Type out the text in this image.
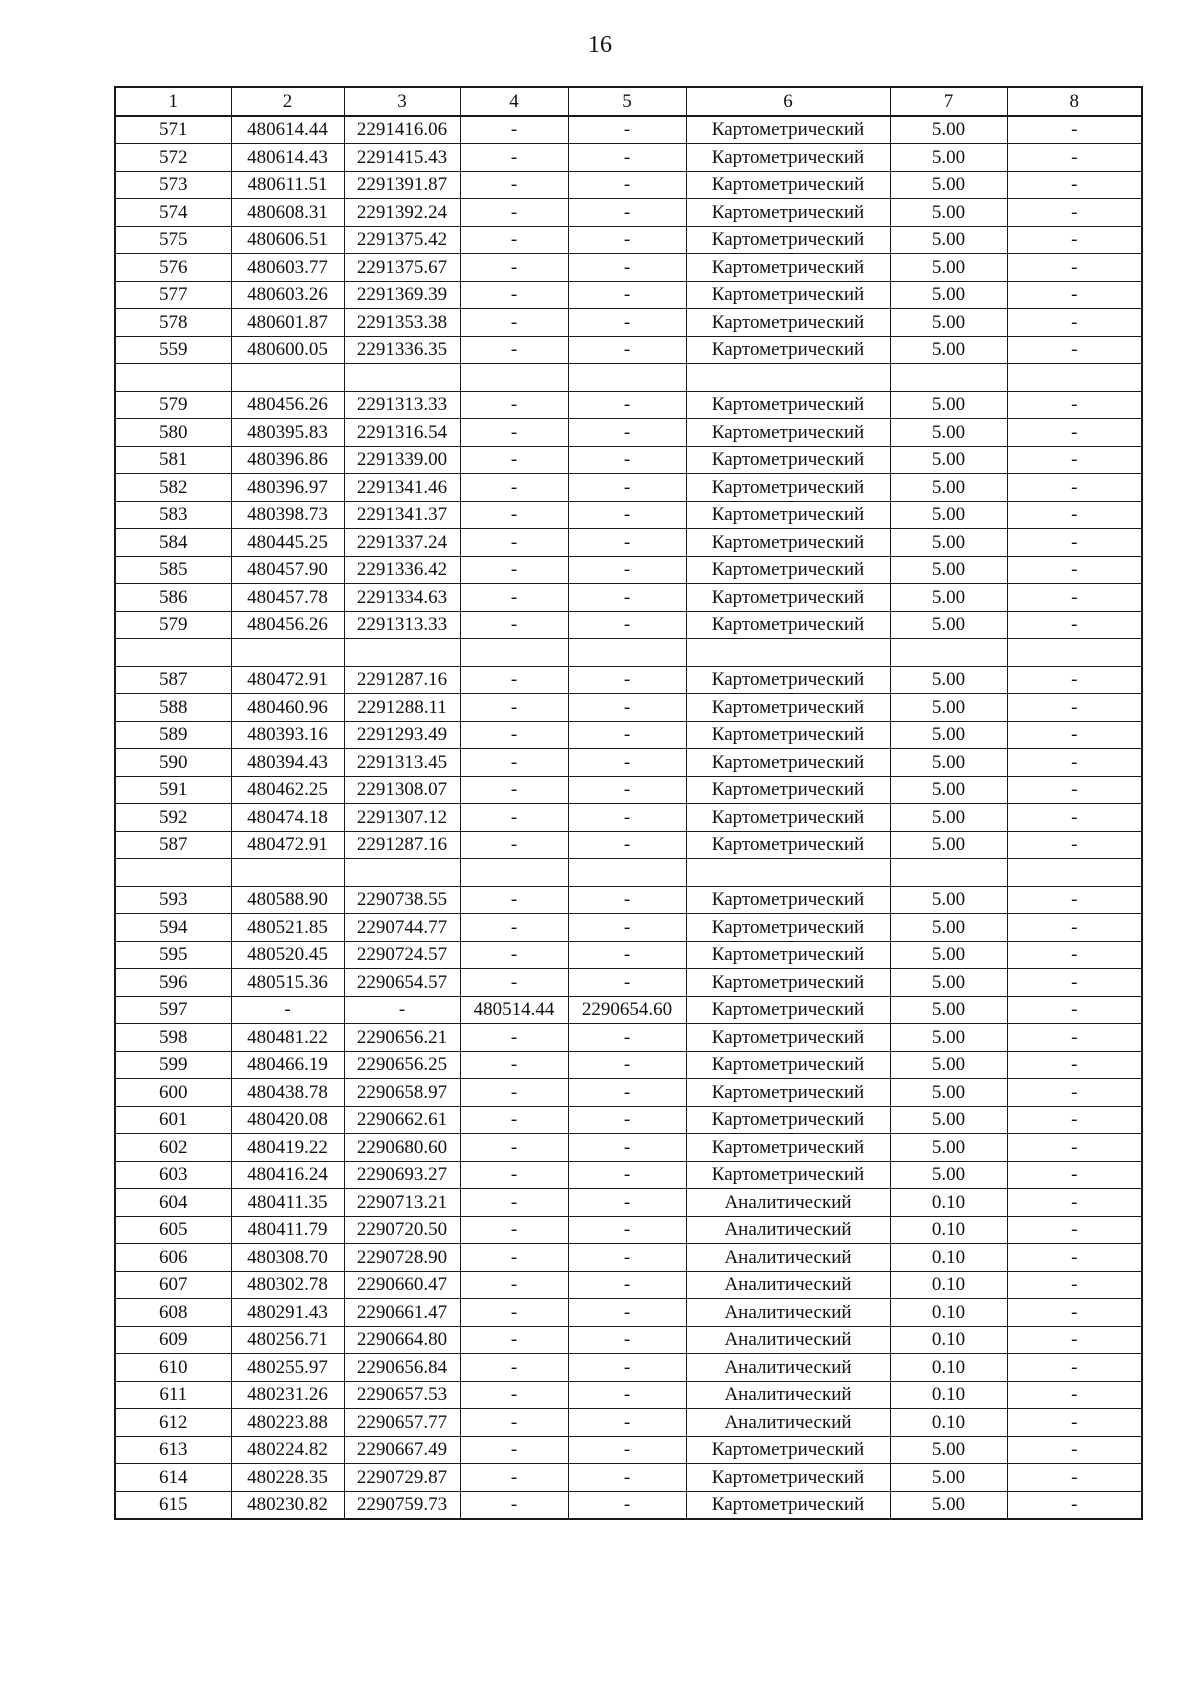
16
1	2	3	4	5	6	7	8
571	480614.44	2291416.06	-	-	Картометрический	5.00	-
572	480614.43	2291415.43	-	-	Картометрический	5.00	-
573	480611.51	2291391.87	-	-	Картометрический	5.00	-
574	480608.31	2291392.24	-	-	Картометрический	5.00	-
575	480606.51	2291375.42	-	-	Картометрический	5.00	-
576	480603.77	2291375.67	-	-	Картометрический	5.00	-
577	480603.26	2291369.39	-	-	Картометрический	5.00	-
578	480601.87	2291353.38	-	-	Картометрический	5.00	-
559	480600.05	2291336.35	-	-	Картометрический	5.00	-

579	480456.26	2291313.33	-	-	Картометрический	5.00	-
580	480395.83	2291316.54	-	-	Картометрический	5.00	-
581	480396.86	2291339.00	-	-	Картометрический	5.00	-
582	480396.97	2291341.46	-	-	Картометрический	5.00	-
583	480398.73	2291341.37	-	-	Картометрический	5.00	-
584	480445.25	2291337.24	-	-	Картометрический	5.00	-
585	480457.90	2291336.42	-	-	Картометрический	5.00	-
586	480457.78	2291334.63	-	-	Картометрический	5.00	-
579	480456.26	2291313.33	-	-	Картометрический	5.00	-

587	480472.91	2291287.16	-	-	Картометрический	5.00	-
588	480460.96	2291288.11	-	-	Картометрический	5.00	-
589	480393.16	2291293.49	-	-	Картометрический	5.00	-
590	480394.43	2291313.45	-	-	Картометрический	5.00	-
591	480462.25	2291308.07	-	-	Картометрический	5.00	-
592	480474.18	2291307.12	-	-	Картометрический	5.00	-
587	480472.91	2291287.16	-	-	Картометрический	5.00	-

593	480588.90	2290738.55	-	-	Картометрический	5.00	-
594	480521.85	2290744.77	-	-	Картометрический	5.00	-
595	480520.45	2290724.57	-	-	Картометрический	5.00	-
596	480515.36	2290654.57	-	-	Картометрический	5.00	-
597	-	-	480514.44	2290654.60	Картометрический	5.00	-
598	480481.22	2290656.21	-	-	Картометрический	5.00	-
599	480466.19	2290656.25	-	-	Картометрический	5.00	-
600	480438.78	2290658.97	-	-	Картометрический	5.00	-
601	480420.08	2290662.61	-	-	Картометрический	5.00	-
602	480419.22	2290680.60	-	-	Картометрический	5.00	-
603	480416.24	2290693.27	-	-	Картометрический	5.00	-
604	480411.35	2290713.21	-	-	Аналитический	0.10	-
605	480411.79	2290720.50	-	-	Аналитический	0.10	-
606	480308.70	2290728.90	-	-	Аналитический	0.10	-
607	480302.78	2290660.47	-	-	Аналитический	0.10	-
608	480291.43	2290661.47	-	-	Аналитический	0.10	-
609	480256.71	2290664.80	-	-	Аналитический	0.10	-
610	480255.97	2290656.84	-	-	Аналитический	0.10	-
611	480231.26	2290657.53	-	-	Аналитический	0.10	-
612	480223.88	2290657.77	-	-	Аналитический	0.10	-
613	480224.82	2290667.49	-	-	Картометрический	5.00	-
614	480228.35	2290729.87	-	-	Картометрический	5.00	-
615	480230.82	2290759.73	-	-	Картометрический	5.00	-
